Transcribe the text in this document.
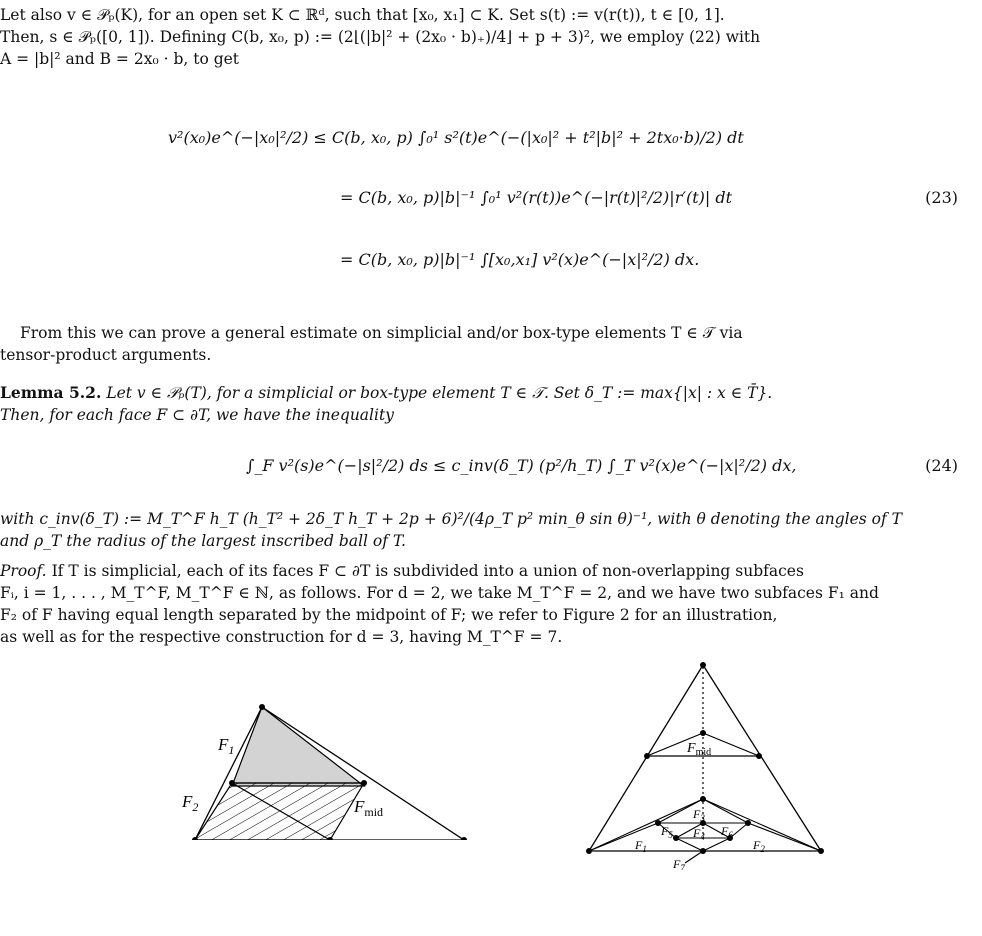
Let also v ∈ 𝒫ₚ(K), for an open set K ⊂ ℝᵈ, such that [x₀, x₁] ⊂ K. Set s(t) := v(r(t)), t ∈ [0, 1].
Then, s ∈ 𝒫ₚ([0, 1]). Defining C(b, x₀, p) := (2⌊(|b|² + (2x₀ · b)₊)/4⌋ + p + 3)², we employ (22) with
A = |b|² and B = 2x₀ · b, to get
v²(x₀)e^(−|x₀|²/2) ≤ C(b, x₀, p) ∫₀¹ s²(t)e^(−(|x₀|² + t²|b|² + 2tx₀·b)/2) dt
= C(b, x₀, p)|b|⁻¹ ∫₀¹ v²(r(t))e^(−|r(t)|²/2)|r′(t)| dt	(23)
= C(b, x₀, p)|b|⁻¹ ∫[x₀,x₁] v²(x)e^(−|x|²/2) dx.
From this we can prove a general estimate on simplicial and/or box-type elements T ∈ 𝒯 via
tensor-product arguments.
Lemma 5.2. Let v ∈ 𝒫ₚ(T), for a simplicial or box-type element T ∈ 𝒯. Set δ_T := max{|x| : x ∈ T̄}.
Then, for each face F ⊂ ∂T, we have the inequality
∫_F v²(s)e^(−|s|²/2) ds ≤ c_inv(δ_T) (p²/h_T) ∫_T v²(x)e^(−|x|²/2) dx,	(24)
with c_inv(δ_T) := M_T^F h_T (h_T² + 2δ_T h_T + 2p + 6)²/(4ρ_T p² min_θ sin θ)⁻¹, with θ denoting the angles of T
and ρ_T the radius of the largest inscribed ball of T.
Proof. If T is simplicial, each of its faces F ⊂ ∂T is subdivided into a union of non-overlapping subfaces
Fᵢ, i = 1, . . . , M_T^F, M_T^F ∈ ℕ, as follows. For d = 2, we take M_T^F = 2, and we have two subfaces F₁ and
F₂ of F having equal length separated by the midpoint of F; we refer to Figure 2 for an illustration,
as well as for the respective construction for d = 3, having M_T^F = 7.
$F_1$
$F_2$	$F_{mid}$
$F_{mid}$
$F_3$
$F_5$ $F_4$ $F_6$
$F_1$	$F_2$
$F_7$
